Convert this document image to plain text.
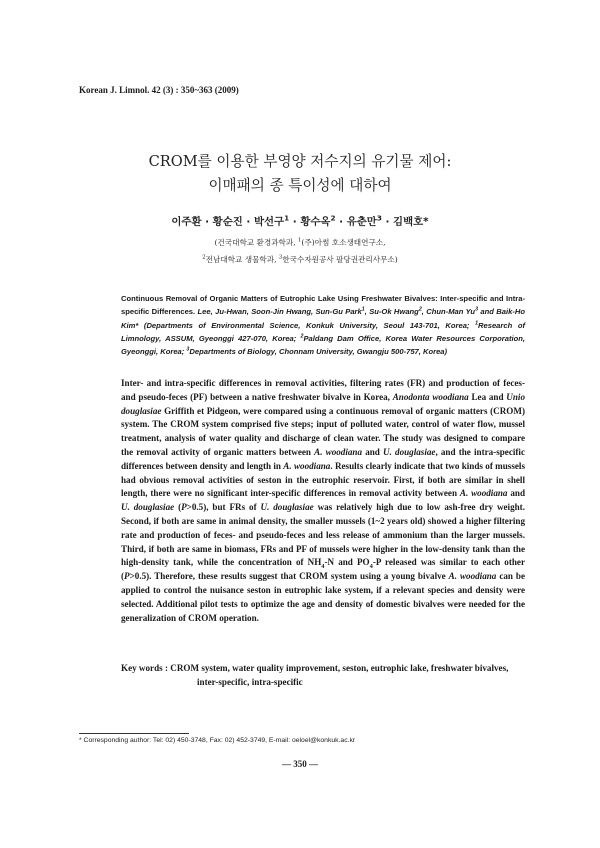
Korean J. Limnol. 42 (3) : 350~363 (2009)
CROM를 이용한 부영양 저수지의 유기물 제어:
이매패의 종 특이성에 대하여
이주환 · 황순진 · 박선구$^1$ · 황수옥$^2$ · 유춘만$^3$ · 김백호*
(건국대학교 환경과학과, $^1$(주)아썸 호소생태연구소,
$^2$전남대학교 생물학과, $^3$한국수자원공사 팔당권관리사무소)
Continuous Removal of Organic Matters of Eutrophic Lake Using Freshwater Bivalves: Inter-specific and Intra-specific Differences. Lee, Ju-Hwan, Soon-Jin Hwang, Sun-Gu Park$^1$, Su-Ok Hwang$^2$, Chun-Man Yu$^3$ and Baik-Ho Kim* (Departments of Environmental Science, Konkuk University, Seoul 143-701, Korea; $^1$Research of Limnology, ASSUM, Gyeonggi 427-070, Korea; $^2$Paldang Dam Office, Korea Water Resources Corporation, Gyeonggi, Korea; $^3$Departments of Biology, Chonnam University, Gwangju 500-757, Korea)
Inter- and intra-specific differences in removal activities, filtering rates (FR) and production of feces-and pseudo-feces (PF) between a native freshwater bivalve in Korea, Anodonta woodiana Lea and Unio douglasiae Griffith et Pidgeon, were compared using a continuous removal of organic matters (CROM) system. The CROM system comprised five steps; input of polluted water, control of water flow, mussel treatment, analysis of water quality and discharge of clean water. The study was designed to compare the removal activity of organic matters between A. woodiana and U. douglasiae, and the intra-specific differences between density and length in A. woodiana. Results clearly indicate that two kinds of mussels had obvious removal activities of seston in the eutrophic reservoir. First, if both are similar in shell length, there were no significant inter-specific differences in removal activity between A. woodiana and U. douglasiae (P>0.5), but FRs of U. douglasiae was relatively high due to low ash-free dry weight. Second, if both are same in animal density, the smaller mussels (1~2 years old) showed a higher filtering rate and production of feces- and pseudo-feces and less release of ammonium than the larger mussels. Third, if both are same in biomass, FRs and PF of mussels were higher in the low-density tank than the high-density tank, while the concentration of $NH_4-N$ and $PO_4-P$ released was similar to each other (P>0.5). Therefore, these results suggest that CROM system using a young bivalve A. woodiana can be applied to control the nuisance seston in eutrophic lake system, if a relevant species and density were selected. Additional pilot tests to optimize the age and density of domestic bivalves were needed for the generalization of CROM operation.
Key words : CROM system, water quality improvement, seston, eutrophic lake, freshwater bivalves, inter-specific, intra-specific
* Corresponding author: Tel: 02) 450-3748, Fax: 02) 452-3749, E-mail: oeloel@konkuk.ac.kr
— 350 —
